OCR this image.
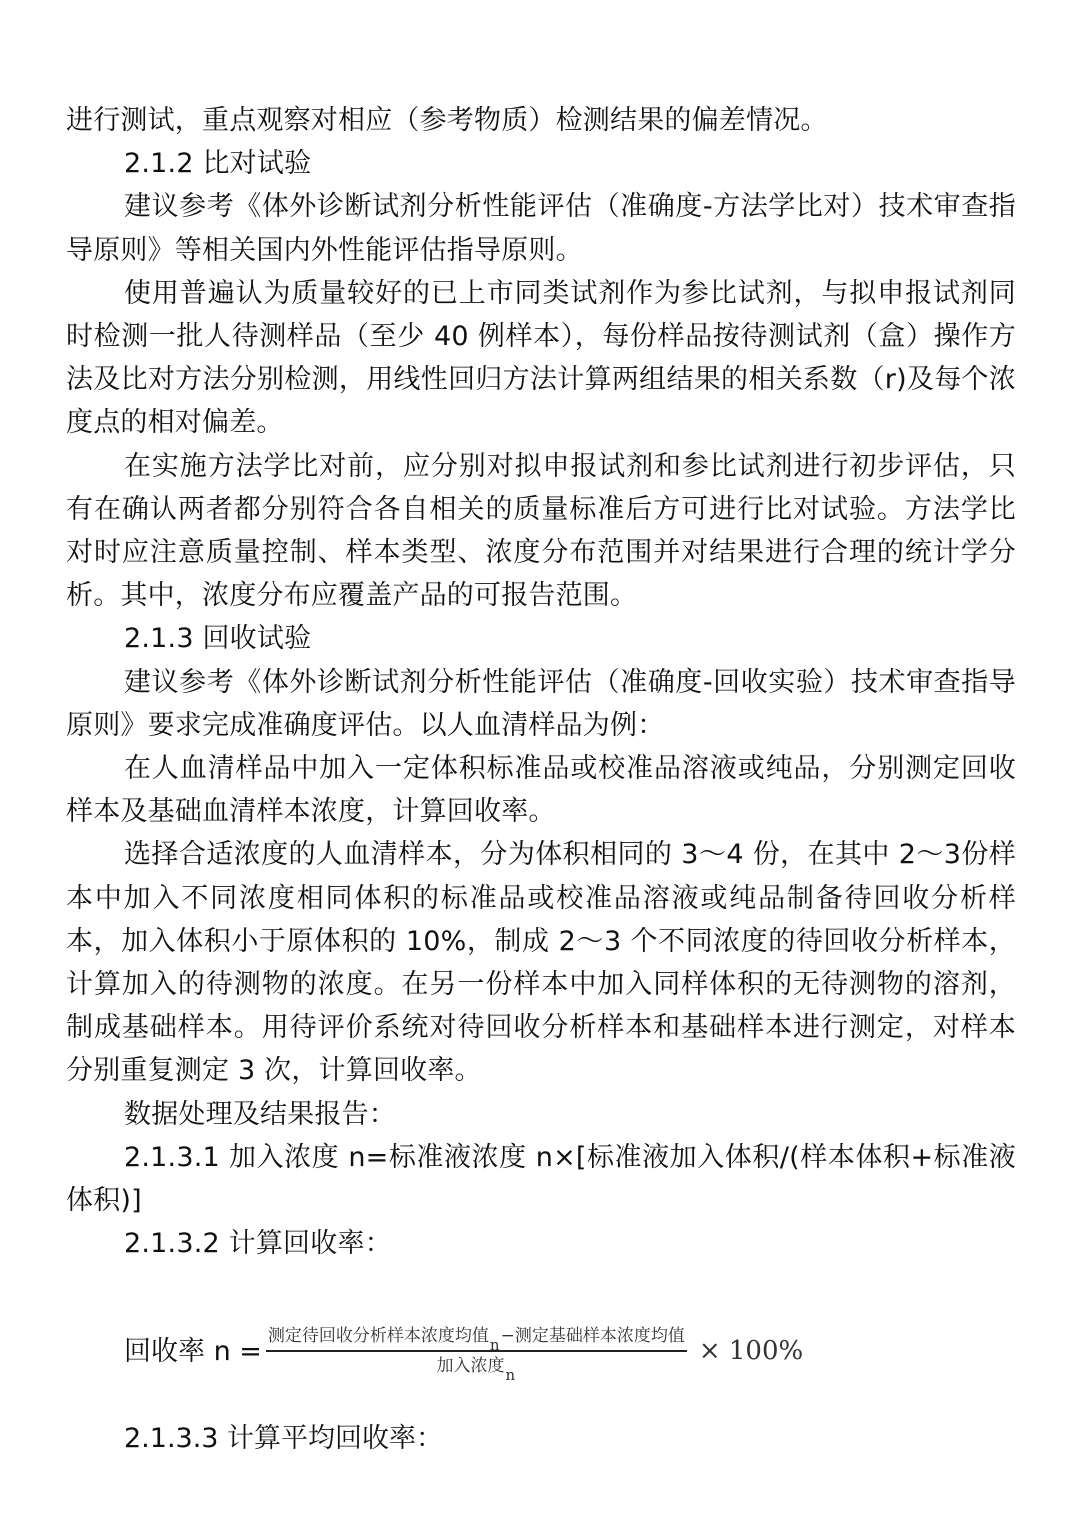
进行测试，重点观察对相应（参考物质）检测结果的偏差情况。

2.1.2 比对试验

建议参考《体外诊断试剂分析性能评估（准确度-方法学比对）技术审查指导原则》等相关国内外性能评估指导原则。

使用普遍认为质量较好的已上市同类试剂作为参比试剂，与拟申报试剂同时检测一批人待测样品（至少 40 例样本），每份样品按待测试剂（盒）操作方法及比对方法分别检测，用线性回归方法计算两组结果的相关系数（r)及每个浓度点的相对偏差。

在实施方法学比对前，应分别对拟申报试剂和参比试剂进行初步评估，只有在确认两者都分别符合各自相关的质量标准后方可进行比对试验。方法学比对时应注意质量控制、样本类型、浓度分布范围并对结果进行合理的统计学分析。其中，浓度分布应覆盖产品的可报告范围。

2.1.3 回收试验

建议参考《体外诊断试剂分析性能评估（准确度-回收实验）技术审查指导原则》要求完成准确度评估。以人血清样品为例：

在人血清样品中加入一定体积标准品或校准品溶液或纯品，分别测定回收样本及基础血清样本浓度，计算回收率。

选择合适浓度的人血清样本，分为体积相同的 3～4 份，在其中 2～3份样本中加入不同浓度相同体积的标准品或校准品溶液或纯品制备待回收分析样本，加入体积小于原体积的 10%，制成 2～3 个不同浓度的待回收分析样本，计算加入的待测物的浓度。在另一份样本中加入同样体积的无待测物的溶剂，制成基础样本。用待评价系统对待回收分析样本和基础样本进行测定，对样本分别重复测定 3 次，计算回收率。

数据处理及结果报告：

2.1.3.1 加入浓度 n=标准液浓度 n×[标准液加入体积/(样本体积+标准液体积)]

2.1.3.2 计算回收率：

回收率 $n = \frac{\text{测定待回收分析样本浓度均值n−测定基础样本浓度均值}}{\text{加入浓度n}} \times 100\%$

2.1.3.3 计算平均回收率：
